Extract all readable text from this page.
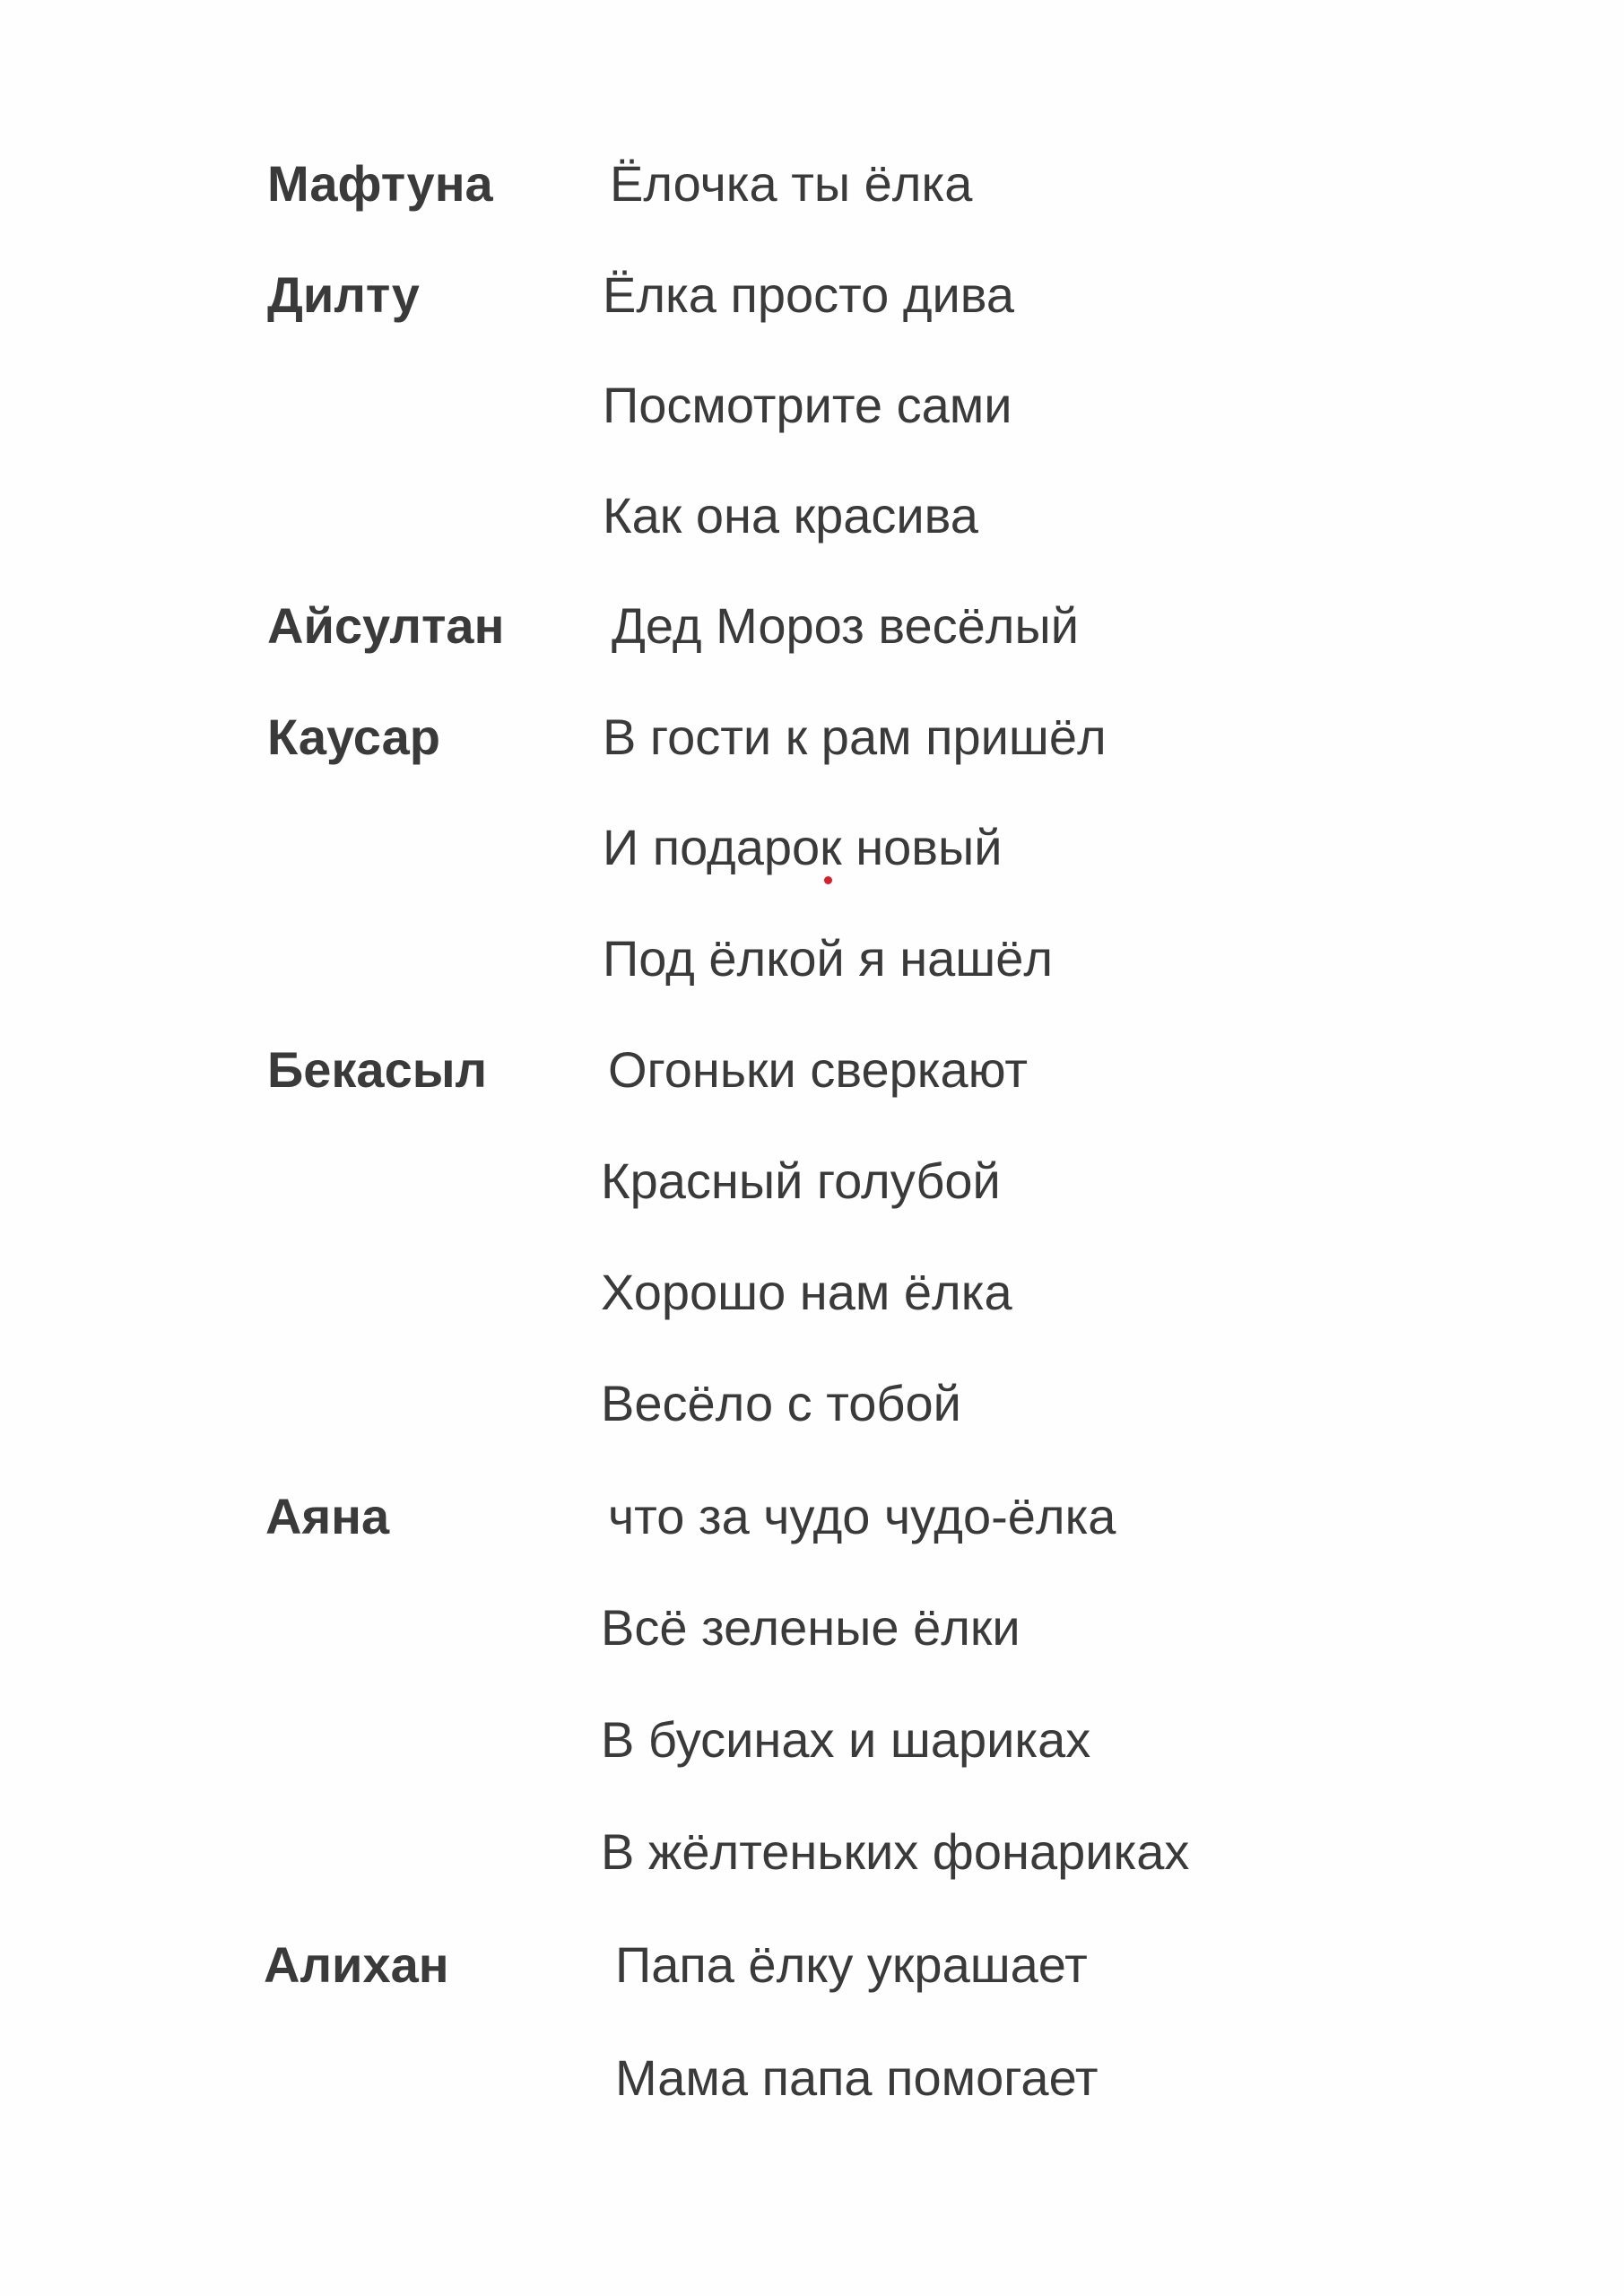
Мафтуна Ёлочка ты ёлка
Дилту	Ёлка просто дива
Посмотрите сами
Как она красива
Айсултан Дед Мороз весёлый
Каусар	В гости к рам пришёл
И подарок новый
Под ёлкой я нашёл
Бекасыл Огоньки сверкают
Красный голубой
Хорошо нам ёлка
Весёло с тобой
Аяна	что за чудо чудо-ёлка
Всё зеленые ёлки
В бусинах и шариках
В жёлтеньких фонариках
Алихан	Папа ёлку украшает
Мама папа помогает
